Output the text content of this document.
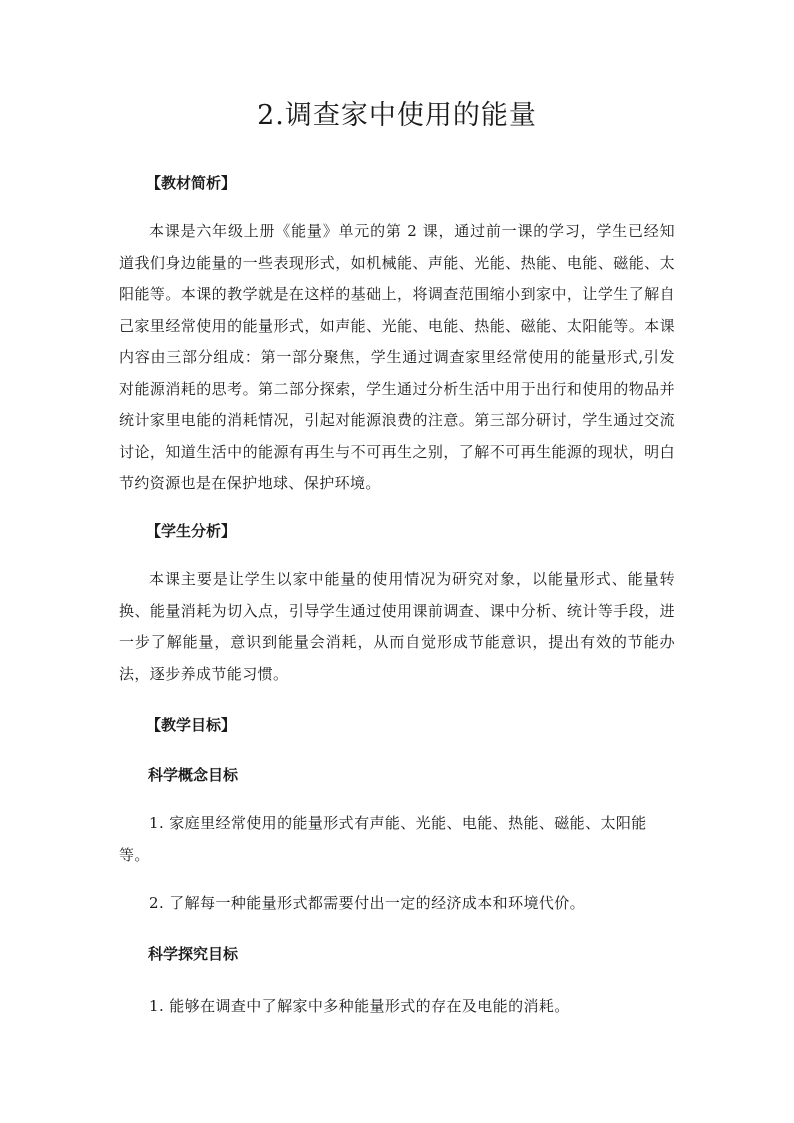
2.调查家中使用的能量

【教材简析】

本课是六年级上册《能量》单元的第 2 课，通过前一课的学习，学生已经知道我们身边能量的一些表现形式，如机械能、声能、光能、热能、电能、磁能、太阳能等。本课的教学就是在这样的基础上，将调查范围缩小到家中，让学生了解自己家里经常使用的能量形式，如声能、光能、电能、热能、磁能、太阳能等。本课内容由三部分组成：第一部分聚焦，学生通过调查家里经常使用的能量形式,引发对能源消耗的思考。第二部分探索，学生通过分析生活中用于出行和使用的物品并统计家里电能的消耗情况，引起对能源浪费的注意。第三部分研讨，学生通过交流讨论，知道生活中的能源有再生与不可再生之别，了解不可再生能源的现状，明白节约资源也是在保护地球、保护环境。

【学生分析】

本课主要是让学生以家中能量的使用情况为研究对象，以能量形式、能量转换、能量消耗为切入点，引导学生通过使用课前调查、课中分析、统计等手段，进一步了解能量，意识到能量会消耗，从而自觉形成节能意识，提出有效的节能办法，逐步养成节能习惯。

【教学目标】

科学概念目标

1. 家庭里经常使用的能量形式有声能、光能、电能、热能、磁能、太阳能等。

2. 了解每一种能量形式都需要付出一定的经济成本和环境代价。

科学探究目标

1. 能够在调查中了解家中多种能量形式的存在及电能的消耗。
